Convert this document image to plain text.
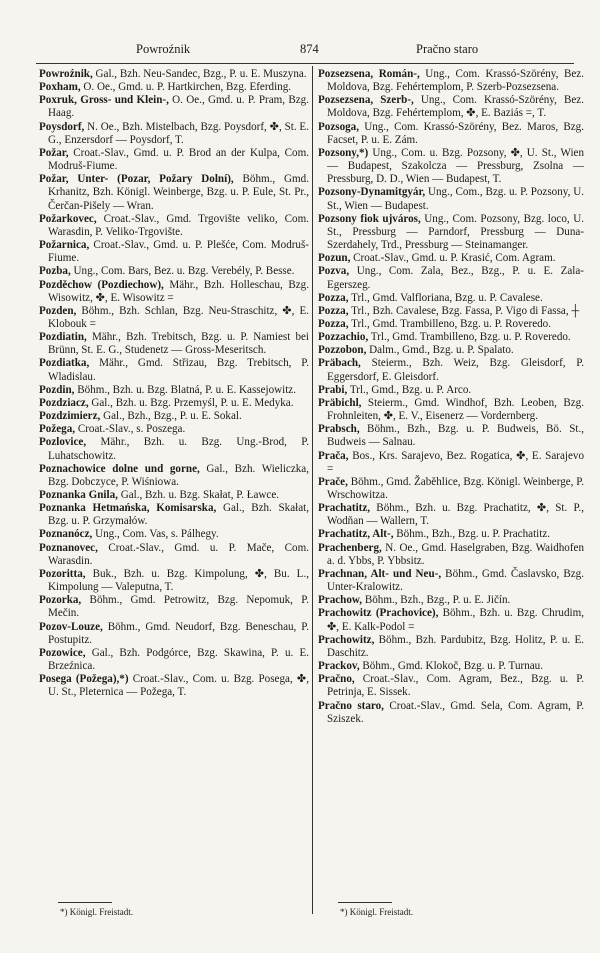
Powroźnik	874	Pračno staro

Powroźnik, Gal., Bzh. Neu-Sandec, Bzg., P. u. E. Muszyna.

Poxham, O. Oe., Gmd. u. P. Hartkirchen, Bzg. Eferding.

Poxruk, Gross- und Klein-, O. Oe., Gmd. u. P. Pram, Bzg. Haag.

Poysdorf, N. Oe., Bzh. Mistelbach, Bzg. Poysdorf, ✤, St. E. G., Enzersdorf — Poysdorf, T.

Požar, Croat.-Slav., Gmd. u. P. Brod an der Kulpa, Com. Modruš-Fiume.

Požar, Unter- (Pozar, Požary Dolní), Böhm., Gmd. Krhanitz, Bzh. Königl. Weinberge, Bzg. u. P. Eule, St. Pr., Čerčan-Pišely — Wran.

Požarkovec, Croat.-Slav., Gmd. Trgovište veliko, Com. Warasdin, P. Veliko-Trgovište.

Požarnica, Croat.-Slav., Gmd. u. P. Plešće, Com. Modruš-Fiume.

Pozba, Ung., Com. Bars, Bez. u. Bzg. Verebély, P. Besse.

Pozděchow (Pozdiechow), Mähr., Bzh. Holleschau, Bzg. Wisowitz, ✤, E. Wisowitz =

Pozden, Böhm., Bzh. Schlan, Bzg. Neu-Straschitz, ✤, E. Klobouk =

Pozdiatin, Mähr., Bzh. Trebitsch, Bzg. u. P. Namiest bei Brünn, St. E. G., Studenetz — Gross-Meseritsch.

Pozdiatka, Mähr., Gmd. Střizau, Bzg. Trebitsch, P. Wladislau.

Pozdin, Böhm., Bzh. u. Bzg. Blatná, P. u. E. Kassejowitz.

Pozdziacz, Gal., Bzh. u. Bzg. Przemyśl, P. u. E. Medyka.

Pozdzimierz, Gal., Bzh., Bzg., P. u. E. Sokal.

Požega, Croat.-Slav., s. Poszega.

Pozlovice, Mähr., Bzh. u. Bzg. Ung.-Brod, P. Luhatschowitz.

Poznachowice dolne und gorne, Gal., Bzh. Wieliczka, Bzg. Dobczyce, P. Wiśniowa.

Poznanka Gnila, Gal., Bzh. u. Bzg. Skałat, P. Ławce.

Poznanka Hetmańska, Komisarska, Gal., Bzh. Skałat, Bzg. u. P. Grzymałów.

Poznanócz, Ung., Com. Vas, s. Pálhegy.

Poznanovec, Croat.-Slav., Gmd. u. P. Mače, Com. Warasdin.

Pozoritta, Buk., Bzh. u. Bzg. Kimpolung, ✤, Bu. L., Kimpolung — Valeputna, T.

Pozorka, Böhm., Gmd. Petrowitz, Bzg. Nepomuk, P. Mečin.

Pozov-Louze, Böhm., Gmd. Neudorf, Bzg. Beneschau, P. Postupitz.

Pozowice, Gal., Bzh. Podgórce, Bzg. Skawina, P. u. E. Brzeźnica.

Posega (Požega),*) Croat.-Slav., Com. u. Bzg. Posega, ✤, U. St., Pleternica — Požega, T.

Pozsezsena, Román-, Ung., Com. Krassó-Szörény, Bez. Moldova, Bzg. Fehértemplom, P. Szerb-Pozsezsena.

Pozsezsena, Szerb-, Ung., Com. Krassó-Szörény, Bez. Moldova, Bzg. Fehértemplom, ✤, E. Baziás =, T.

Pozsoga, Ung., Com. Krassó-Szörény, Bez. Maros, Bzg. Facset, P. u. E. Zám.

Pozsony,*) Ung., Com. u. Bzg. Pozsony, ✤, U. St., Wien — Budapest, Szakolcza — Pressburg, Zsolna — Pressburg, D. D., Wien — Budapest, T.

Pozsony-Dynamitgyár, Ung., Com., Bzg. u. P. Pozsony, U. St., Wien — Budapest.

Pozsony fiok ujváros, Ung., Com. Pozsony, Bzg. loco, U. St., Pressburg — Parndorf, Pressburg — Duna-Szerdahely, Trd., Pressburg — Steinamanger.

Pozun, Croat.-Slav., Gmd. u. P. Krasić, Com. Agram.

Pozva, Ung., Com. Zala, Bez., Bzg., P. u. E. Zala-Egerszeg.

Pozza, Trl., Gmd. Valfloriana, Bzg. u. P. Cavalese.

Pozza, Trl., Bzh. Cavalese, Bzg. Fassa, P. Vigo di Fassa, ┼

Pozza, Trl., Gmd. Trambilleno, Bzg. u. P. Roveredo.

Pozzachio, Trl., Gmd. Trambilleno, Bzg. u. P. Roveredo.

Pozzobon, Dalm., Gmd., Bzg. u. P. Spalato.

Präbach, Steierm., Bzh. Weiz, Bzg. Gleisdorf, P. Eggersdorf, E. Gleisdorf.

Prabi, Trl., Gmd., Bzg. u. P. Arco.

Präbichl, Steierm., Gmd. Windhof, Bzh. Leoben, Bzg. Frohnleiten, ✤, E. V., Eisenerz — Vordernberg.

Prabsch, Böhm., Bzh., Bzg. u. P. Budweis, Bö. St., Budweis — Salnau.

Prača, Bos., Krs. Sarajevo, Bez. Rogatica, ✤, E. Sarajevo =

Prače, Böhm., Gmd. Žaběhlice, Bzg. Königl. Weinberge, P. Wrschowitza.

Prachatitz, Böhm., Bzh. u. Bzg. Prachatitz, ✤, St. P., Wodňan — Wallern, T.

Prachatitz, Alt-, Böhm., Bzh., Bzg. u. P. Prachatitz.

Prachenberg, N. Oe., Gmd. Haselgraben, Bzg. Waidhofen a. d. Ybbs, P. Ybbsitz.

Prachnan, Alt- und Neu-, Böhm., Gmd. Časlavsko, Bzg. Unter-Kralowitz.

Prachow, Böhm., Bzh., Bzg., P. u. E. Jičín.

Prachowitz (Prachovice), Böhm., Bzh. u. Bzg. Chrudim, ✤, E. Kalk-Podol =

Prachowitz, Böhm., Bzh. Pardubitz, Bzg. Holitz, P. u. E. Daschitz.

Prackov, Böhm., Gmd. Klokoč, Bzg. u. P. Turnau.

Pračno, Croat.-Slav., Com. Agram, Bez., Bzg. u. P. Petrinja, E. Sissek.

Pračno staro, Croat.-Slav., Gmd. Sela, Com. Agram, P. Sziszek.

*) Königl. Freistadt.	*) Königl. Freistadt.
